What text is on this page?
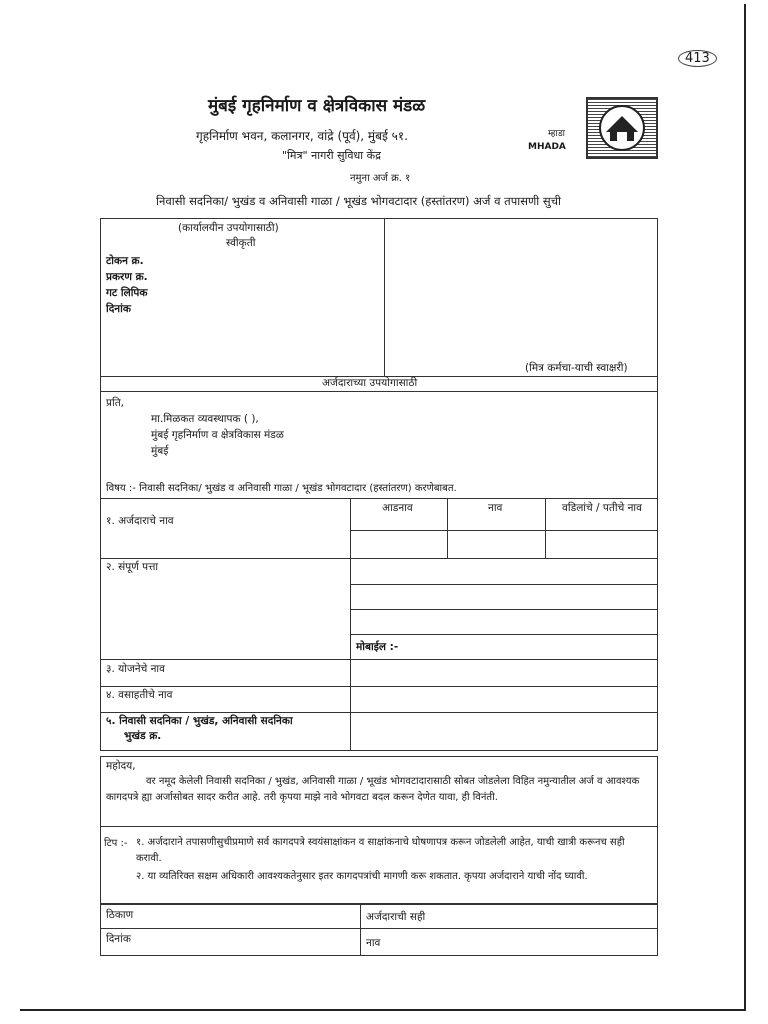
413
मुंबई गृहनिर्माण व क्षेत्रविकास मंडळ
गृहनिर्माण भवन, कलानगर, वांद्रे (पूर्व), मुंबई ५१.
"मित्र" नागरी सुविधा केंद्र
म्हाडा
MHADA
नमुना अर्ज क्र. १
निवासी सदनिका/ भुखंड व अनिवासी गाळा / भूखंड भोगवटादार (हस्तांतरण) अर्ज व तपासणी सुची
(कार्यालयीन उपयोगासाठी)
स्वीकृती
टोकन क्र.
प्रकरण क्र.
गट लिपिक
दिनांक
(मित्र कर्मचा-याची स्वाक्षरी)
अर्जदाराच्या उपयोगासाठी
प्रति,
मा.मिळकत व्यवस्थापक ( ),
मुंबई गृहनिर्माण व क्षेत्रविकास मंडळ
मुंबई
विषय :- निवासी सदनिका/ भुखंड व अनिवासी गाळा / भूखंड भोगवटादार (हस्तांतरण) करणेबाबत.
आडनाव	नाव	वडिलांचे / पतीचे नाव
१. अर्जदाराचे नाव
२. संपूर्ण पत्ता
मोबाईल :-
३. योजनेचे नाव
४. वसाहतीचे नाव
५. निवासी सदनिका / भुखंड, अनिवासी सदनिका
भुखंड क्र.
महोदय,
वर नमूद केलेली निवासी सदनिका / भुखंड, अनिवासी गाळा / भूखंड भोगवटादारासाठी सोबत जोडलेला विहित नमुन्यातील अर्ज व आवश्यक कागदपत्रे ह्या अर्जासोबत सादर करीत आहे. तरी कृपया माझे नावे भोगवटा बदल करून देणेत यावा, ही विनंती.
टिप :- १. अर्जदाराने तपासणीसुचीप्रमाणे सर्व कागदपत्रे स्वयंसाक्षांकन व साक्षांकनाचे घोषणापत्र करून जोडलेली आहेत, याची खात्री करूनच सही करावी.
२. या व्यतिरिक्त सक्षम अधिकारी आवश्यकतेनुसार इतर कागदपत्रांची मागणी करू शकतात. कृपया अर्जदाराने याची नोंद घ्यावी.
ठिकाण
दिनांक
अर्जदाराची सही
नाव
